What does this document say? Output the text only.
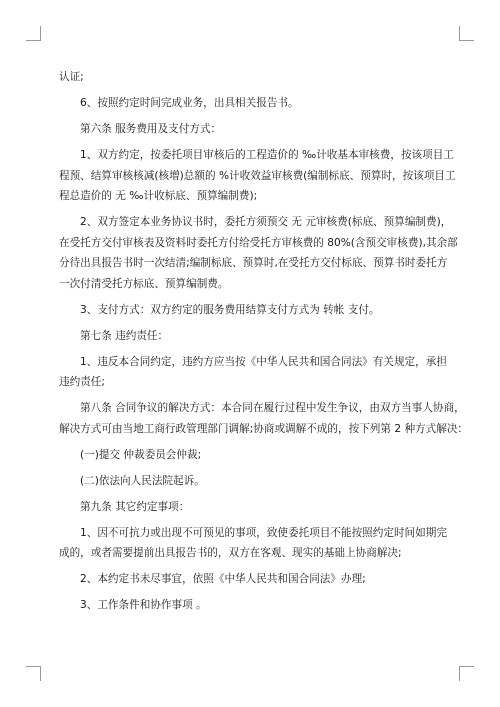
认证;
6、按照约定时间完成业务，出具相关报告书。
第六条 服务费用及支付方式：
1、双方约定，按委托项目审核后的工程造价的 ‰计收基本审核费，按该项目工
程预、结算审核核减(核增)总额的 %计收效益审核费(编制标底、预算时，按该项目工
程总造价的 无 ‰计收标底、预算编制费);
2、双方签定本业务协议书时，委托方须预交 无 元审核费(标底、预算编制费)，
在受托方交付审核表及资料时委托方付给受托方审核费的 80%(含预交审核费),其余部
分待出具报告书时一次结清;编制标底、预算时,在受托方交付标底、预算书时委托方
一次付清受托方标底、预算编制费。
3、支付方式：双方约定的服务费用结算支付方式为 转帐 支付。
第七条 违约责任：
1、违反本合同约定，违约方应当按《中华人民共和国合同法》有关规定，承担
违约责任;
第八条 合同争议的解决方式：本合同在履行过程中发生争议，由双方当事人协商，
解决方式可由当地工商行政管理部门调解;协商或调解不成的，按下列第 2 种方式解决：
(一)提交 仲裁委员会仲裁;
(二)依法向人民法院起诉。
第九条 其它约定事项：
1、因不可抗力或出现不可预见的事项，致使委托项目不能按照约定时间如期完
成的，或者需要提前出具报告书的，双方在客观、现实的基础上协商解决;
2、本约定书未尽事宜，依照《中华人民共和国合同法》办理;
3、工作条件和协作事项 。
